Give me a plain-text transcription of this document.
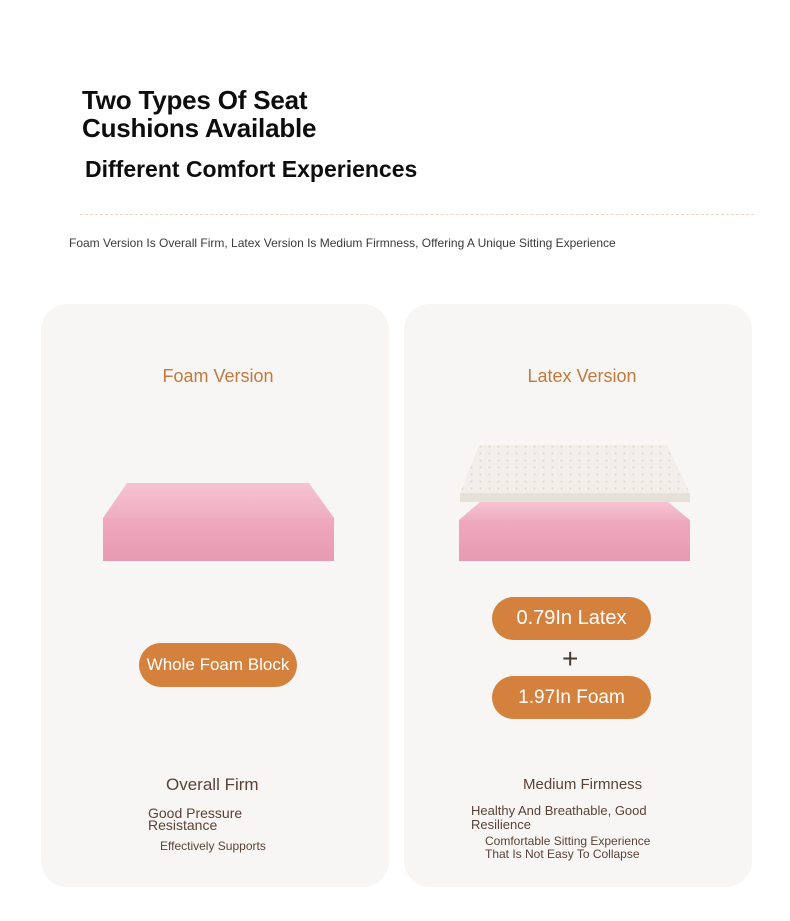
Two Types Of Seat
Cushions Available
Different Comfort Experiences
Foam Version Is Overall Firm, Latex Version Is Medium Firmness, Offering A Unique Sitting Experience
Foam Version
Whole Foam Block
Overall Firm
Good Pressure Resistance
Effectively Supports
Latex Version
0.79In Latex
+
1.97In Foam
Medium Firmness
Healthy And Breathable, Good Resilience
Comfortable Sitting Experience That Is Not Easy To Collapse
